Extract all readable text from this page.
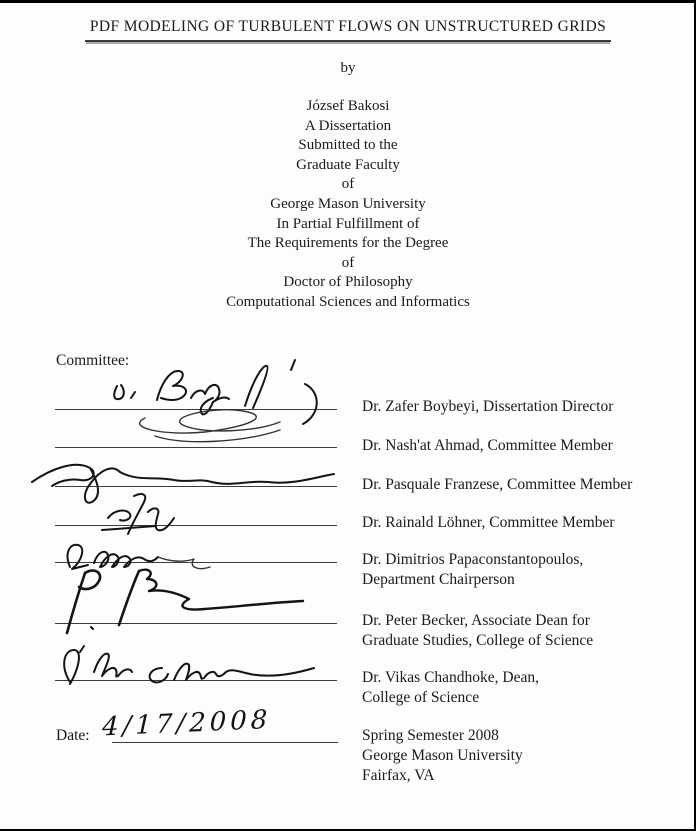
PDF MODELING OF TURBULENT FLOWS ON UNSTRUCTURED GRIDS
by
József Bakosi
A Dissertation
Submitted to the
Graduate Faculty
of
George Mason University
In Partial Fulfillment of
The Requirements for the Degree
of
Doctor of Philosophy
Computational Sciences and Informatics
Committee:
Dr. Zafer Boybeyi, Dissertation Director
Dr. Nash'at Ahmad, Committee Member
Dr. Pasquale Franzese, Committee Member
Dr. Rainald Löhner, Committee Member
Dr. Dimitrios Papaconstantopoulos,
Department Chairperson
Dr. Peter Becker, Associate Dean for
Graduate Studies, College of Science
Dr. Vikas Chandhoke, Dean,
College of Science
Date: 4/17/2008	Spring Semester 2008
George Mason University
Fairfax, VA
